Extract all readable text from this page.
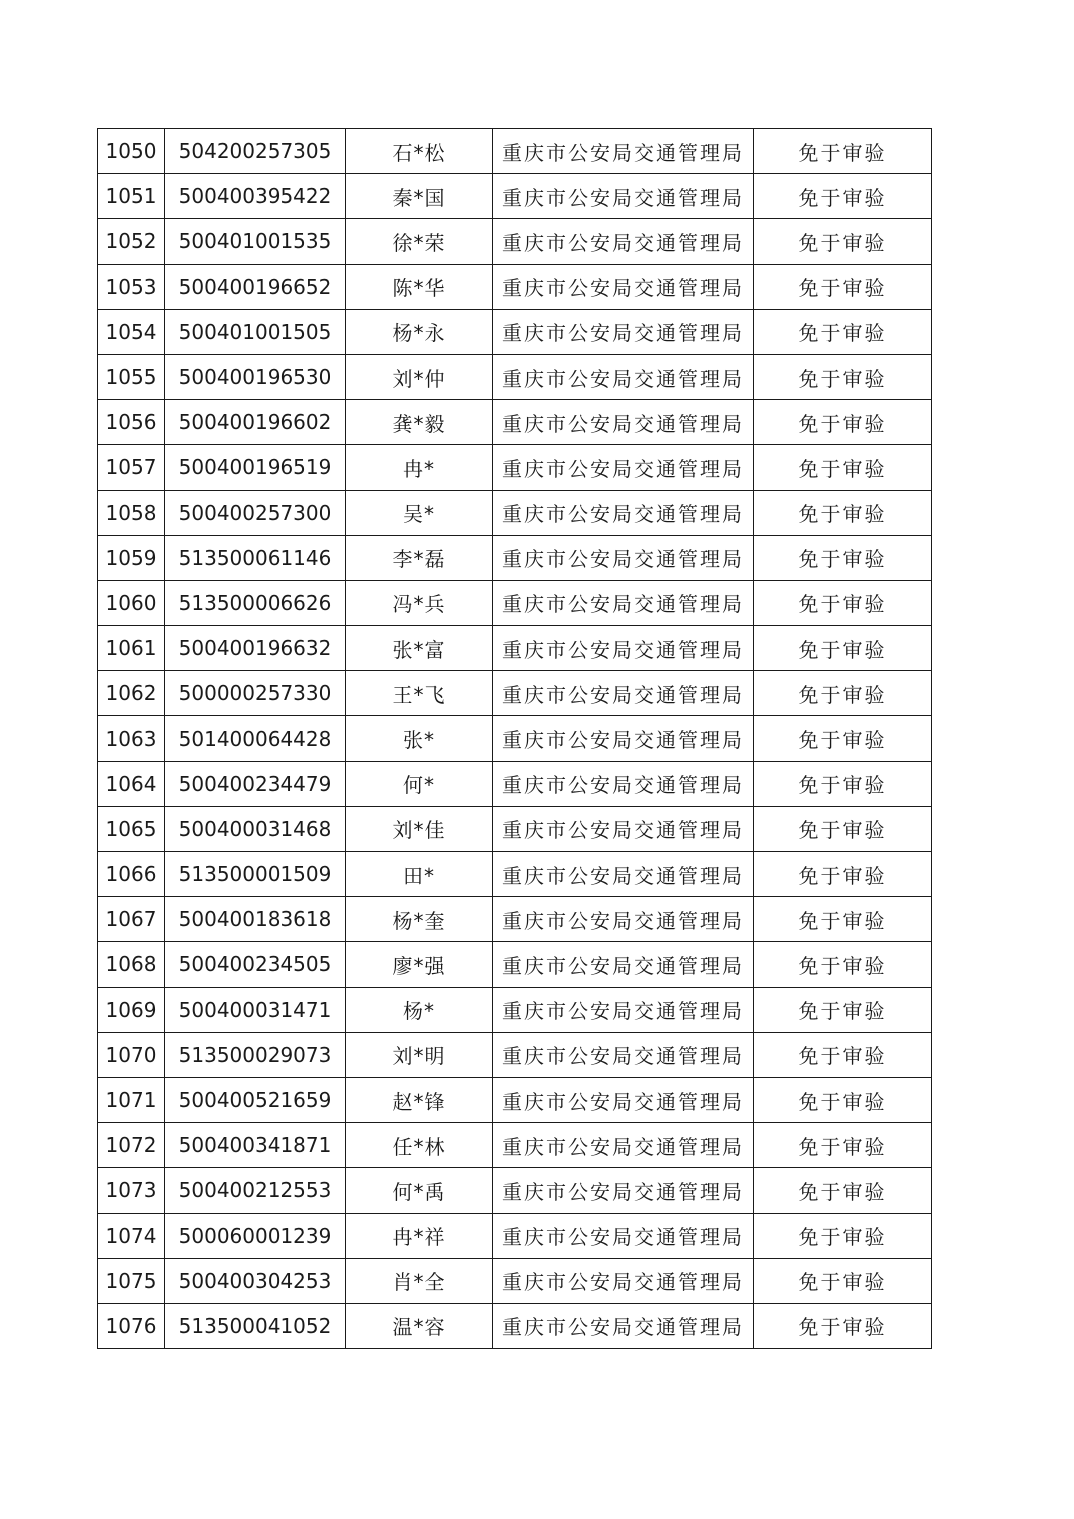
1050	504200257305	石*松	重庆市公安局交通管理局	免于审验
1051	500400395422	秦*国	重庆市公安局交通管理局	免于审验
1052	500401001535	徐*荣	重庆市公安局交通管理局	免于审验
1053	500400196652	陈*华	重庆市公安局交通管理局	免于审验
1054	500401001505	杨*永	重庆市公安局交通管理局	免于审验
1055	500400196530	刘*仲	重庆市公安局交通管理局	免于审验
1056	500400196602	龚*毅	重庆市公安局交通管理局	免于审验
1057	500400196519	冉*	重庆市公安局交通管理局	免于审验
1058	500400257300	吴*	重庆市公安局交通管理局	免于审验
1059	513500061146	李*磊	重庆市公安局交通管理局	免于审验
1060	513500006626	冯*兵	重庆市公安局交通管理局	免于审验
1061	500400196632	张*富	重庆市公安局交通管理局	免于审验
1062	500000257330	王*飞	重庆市公安局交通管理局	免于审验
1063	501400064428	张*	重庆市公安局交通管理局	免于审验
1064	500400234479	何*	重庆市公安局交通管理局	免于审验
1065	500400031468	刘*佳	重庆市公安局交通管理局	免于审验
1066	513500001509	田*	重庆市公安局交通管理局	免于审验
1067	500400183618	杨*奎	重庆市公安局交通管理局	免于审验
1068	500400234505	廖*强	重庆市公安局交通管理局	免于审验
1069	500400031471	杨*	重庆市公安局交通管理局	免于审验
1070	513500029073	刘*明	重庆市公安局交通管理局	免于审验
1071	500400521659	赵*锋	重庆市公安局交通管理局	免于审验
1072	500400341871	任*林	重庆市公安局交通管理局	免于审验
1073	500400212553	何*禹	重庆市公安局交通管理局	免于审验
1074	500060001239	冉*祥	重庆市公安局交通管理局	免于审验
1075	500400304253	肖*全	重庆市公安局交通管理局	免于审验
1076	513500041052	温*容	重庆市公安局交通管理局	免于审验
